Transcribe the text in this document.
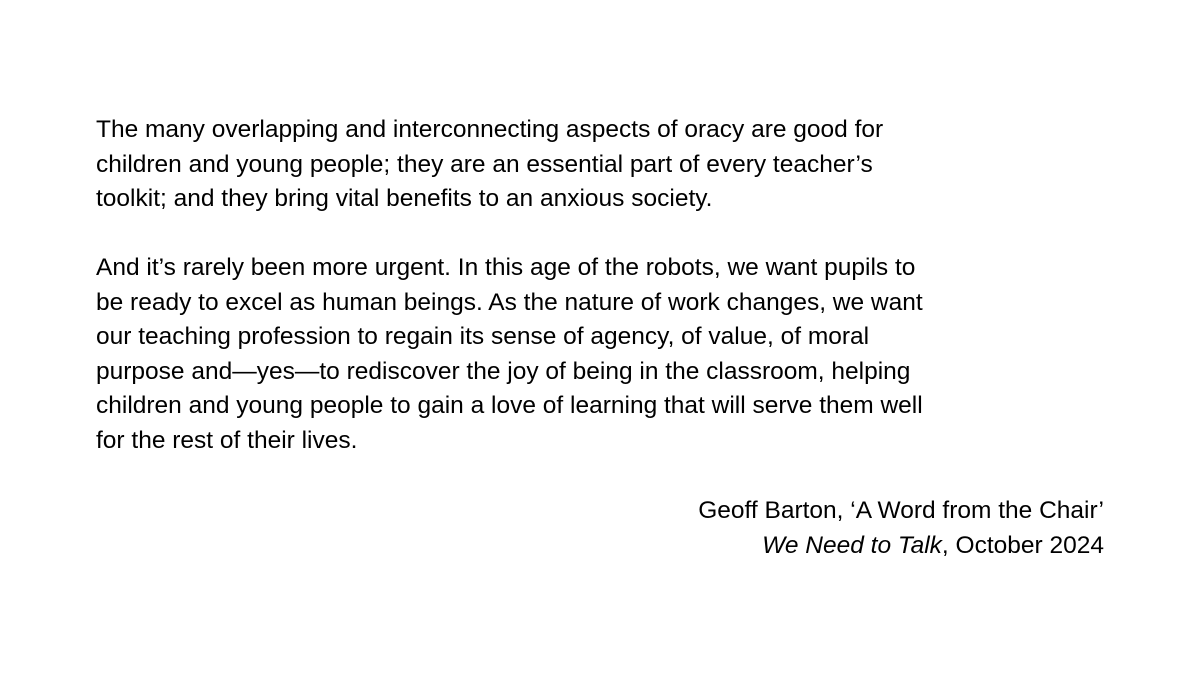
The many overlapping and interconnecting aspects of oracy are good for
children and young people; they are an essential part of every teacher’s
toolkit; and they bring vital benefits to an anxious society.
And it’s rarely been more urgent. In this age of the robots, we want pupils to
be ready to excel as human beings. As the nature of work changes, we want
our teaching profession to regain its sense of agency, of value, of moral
purpose and—yes—to rediscover the joy of being in the classroom, helping
children and young people to gain a love of learning that will serve them well
for the rest of their lives.
Geoff Barton, ‘A Word from the Chair’
We Need to Talk, October 2024
